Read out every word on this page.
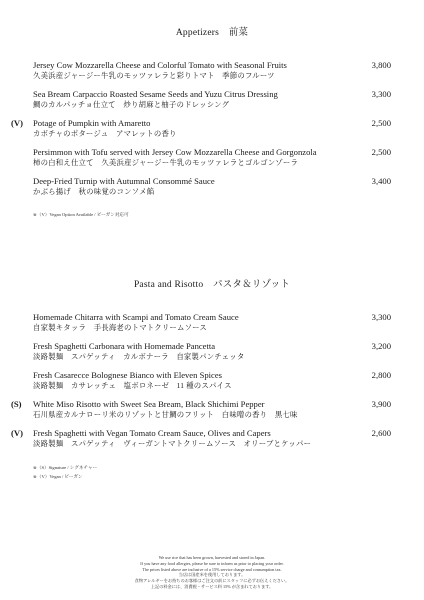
Appetizers　前菜
Jersey Cow Mozzarella Cheese and Colorful Tomato with Seasonal Fruits
久美浜産ジャージー牛乳のモッツァレラと彩りトマト　季節のフルーツ
3,800
Sea Bream Carpaccio Roasted Sesame Seeds and Yuzu Citrus Dressing
鯛のカルパッチョ仕立て　炒り胡麻と柚子のドレッシング
3,300
(V) Potage of Pumpkin with Amaretto
カボチャのポタージュ　アマレットの香り
2,500
Persimmon with Tofu served with Jersey Cow Mozzarella Cheese and Gorgonzola
柿の白和え仕立て　久美浜産ジャージー牛乳のモッツァレラとゴルゴンゾーラ
2,500
Deep-Fried Turnip with Autumnal Consommé Sauce
かぶら揚げ　秋の味覚のコンソメ餡
3,400
※（V）Vegan Option Available / ビーガン対応可
Pasta and Risotto　パスタ＆リゾット
Homemade Chitarra with Scampi and Tomato Cream Sauce
自家製キタッラ　手長海老のトマトクリームソース
3,300
Fresh Spaghetti Carbonara with Homemade Pancetta
淡路製麺　スパゲッティ　カルボナーラ　自家製パンチェッタ
3,200
Fresh Casarecce Bolognese Bianco with Eleven Spices
淡路製麺　カサレッチェ　塩ボロネーゼ　11 種のスパイス
2,800
(S) White Miso Risotto with Sweet Sea Bream, Black Shichimi Pepper
石川県産カルナローリ米のリゾットと甘鯛のフリット　白味噌の香り　黒七味
3,900
(V) Fresh Spaghetti with Vegan Tomato Cream Sauce, Olives and Capers
淡路製麺　スパゲッティ　ヴィーガントマトクリームソース　オリーブとケッパー
2,600
※（S）Signature / シグネチャー
※（V）Vegan / ビーガン
We use rice that has been grown, harvested and stored in Japan.
If you have any food allergies, please be sure to inform us prior to placing your order.
The prices listed above are inclusive of a 15% service charge and consumption tax.
当店は国産米を使用しております。
食物アレルギーをお持ちのお客様はご注文の前にスタッフに必ずお伝えください。
上記の料金には、消費税・サービス料 15% が含まれております。
